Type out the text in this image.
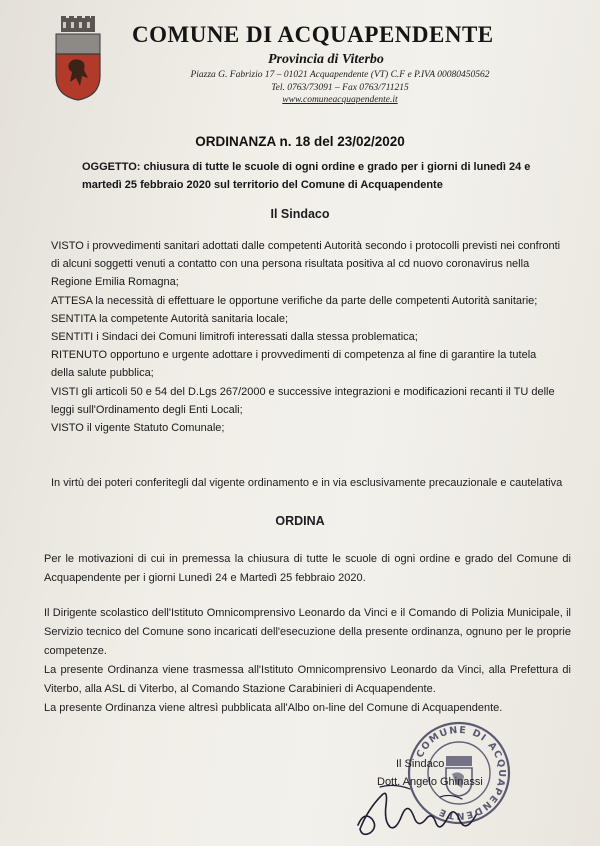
COMUNE DI ACQUAPENDENTE
Provincia di Viterbo
Piazza G. Fabrizio 17 – 01021 Acquapendente (VT) C.F e P.IVA 00080450562
Tel. 0763/73091 – Fax 0763/711215
www.comuneacquapendente.it
ORDINANZA n. 18 del 23/02/2020
OGGETTO: chiusura di tutte le scuole di ogni ordine e grado per i giorni di lunedì 24 e martedì 25 febbraio 2020 sul territorio del Comune di Acquapendente
Il Sindaco

VISTO i provvedimenti sanitari adottati dalle competenti Autorità secondo i protocolli previsti nei confronti di alcuni soggetti venuti a contatto con una persona risultata positiva al cd nuovo coronavirus nella Regione Emilia Romagna;

ATTESA la necessità di effettuare le opportune verifiche da parte delle competenti Autorità sanitarie;

SENTITA la competente Autorità sanitaria locale;

SENTITI i Sindaci dei Comuni limitrofi interessati dalla stessa problematica;

RITENUTO opportuno e urgente adottare i provvedimenti di competenza al fine di garantire la tutela della salute pubblica;

VISTI gli articoli 50 e 54 del D.Lgs 267/2000 e successive integrazioni e modificazioni recanti il TU delle leggi sull'Ordinamento degli Enti Locali;

VISTO il vigente Statuto Comunale;

In virtù dei poteri conferitegli dal vigente ordinamento e in via esclusivamente precauzionale e cautelativa
ORDINA
Per le motivazioni di cui in premessa la chiusura di tutte le scuole di ogni ordine e grado del Comune di Acquapendente per i giorni Lunedì 24 e Martedì 25 febbraio 2020.

Il Dirigente scolastico dell'Istituto Omnicomprensivo Leonardo da Vinci e il Comando di Polizia Municipale, il Servizio tecnico del Comune sono incaricati dell'esecuzione della presente ordinanza, ognuno per le proprie competenze.

La presente Ordinanza viene trasmessa all'Istituto Omnicomprensivo Leonardo da Vinci, alla Prefettura di Viterbo, alla ASL di Viterbo, al Comando Stazione Carabinieri di Acquapendente.

La presente Ordinanza viene altresì pubblicata all'Albo on-line del Comune di Acquapendente.

COMUNE DI ACQUAPENDENTE
Il Sindaco
Dott. Angelo Ghinassi
